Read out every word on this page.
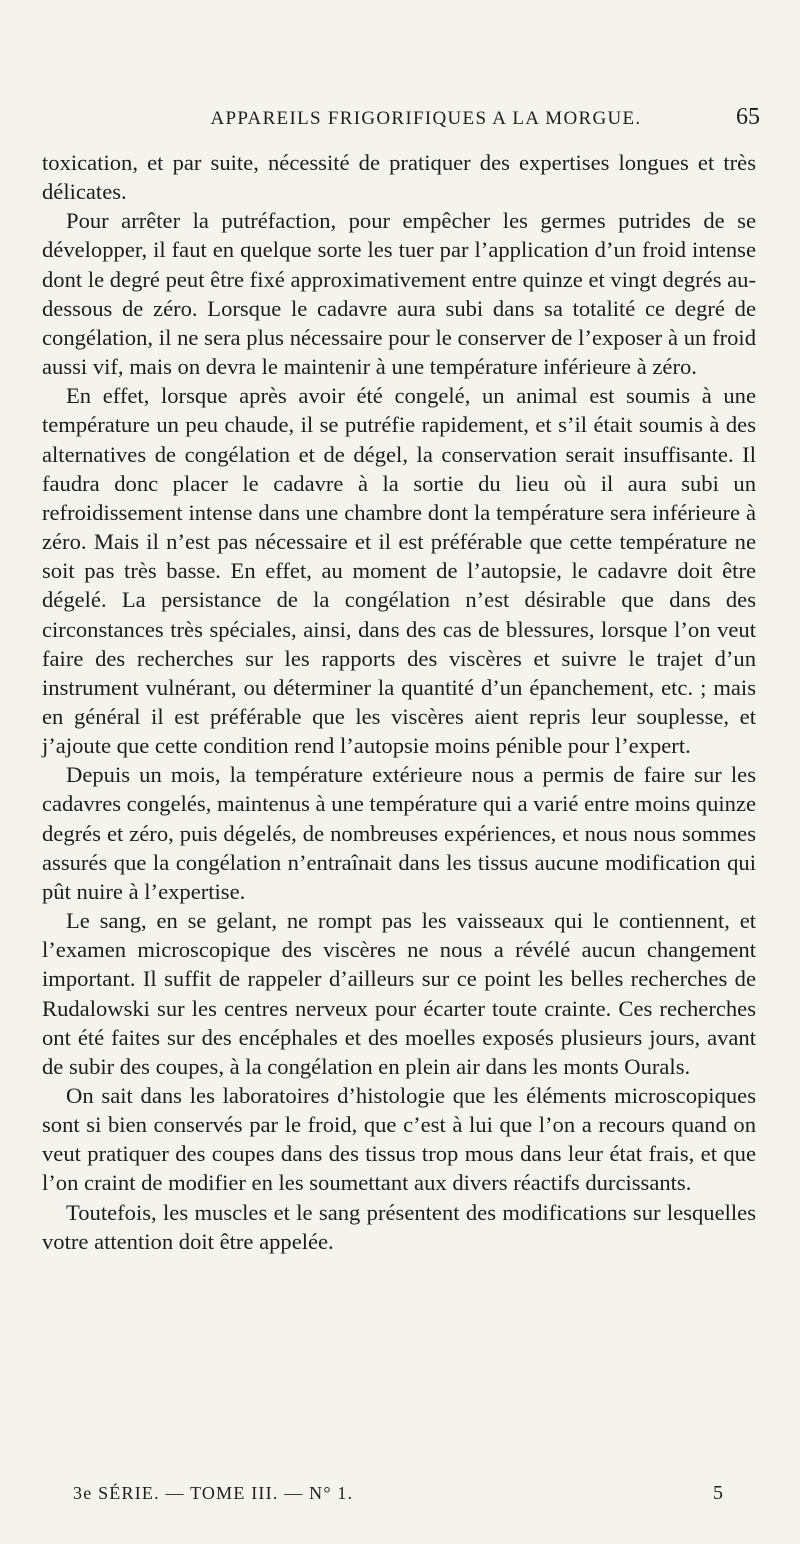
APPAREILS FRIGORIFIQUES A LA MORGUE.	65

toxication, et par suite, nécessité de pratiquer des expertises longues et très délicates.

Pour arrêter la putréfaction, pour empêcher les germes putrides de se développer, il faut en quelque sorte les tuer par l’application d’un froid intense dont le degré peut être fixé approximativement entre quinze et vingt degrés au-dessous de zéro. Lorsque le cadavre aura subi dans sa totalité ce degré de congélation, il ne sera plus nécessaire pour le conserver de l’exposer à un froid aussi vif, mais on devra le maintenir à une température inférieure à zéro.

En effet, lorsque après avoir été congelé, un animal est soumis à une température un peu chaude, il se putréfie rapidement, et s’il était soumis à des alternatives de congélation et de dégel, la conservation serait insuffisante. Il faudra donc placer le cadavre à la sortie du lieu où il aura subi un refroidissement intense dans une chambre dont la température sera inférieure à zéro. Mais il n’est pas nécessaire et il est préférable que cette température ne soit pas très basse. En effet, au moment de l’autopsie, le cadavre doit être dégelé. La persistance de la congélation n’est désirable que dans des circonstances très spéciales, ainsi, dans des cas de blessures, lorsque l’on veut faire des recherches sur les rapports des viscères et suivre le trajet d’un instrument vulnérant, ou déterminer la quantité d’un épanchement, etc. ; mais en général il est préférable que les viscères aient repris leur souplesse, et j’ajoute que cette condition rend l’autopsie moins pénible pour l’expert.

Depuis un mois, la température extérieure nous a permis de faire sur les cadavres congelés, maintenus à une température qui a varié entre moins quinze degrés et zéro, puis dégelés, de nombreuses expériences, et nous nous sommes assurés que la congélation n’entraînait dans les tissus aucune modification qui pût nuire à l’expertise.

Le sang, en se gelant, ne rompt pas les vaisseaux qui le contiennent, et l’examen microscopique des viscères ne nous a révélé aucun changement important. Il suffit de rappeler d’ailleurs sur ce point les belles recherches de Rudalowski sur les centres nerveux pour écarter toute crainte. Ces recherches ont été faites sur des encéphales et des moelles exposés plusieurs jours, avant de subir des coupes, à la congélation en plein air dans les monts Ourals.

On sait dans les laboratoires d’histologie que les éléments microscopiques sont si bien conservés par le froid, que c’est à lui que l’on a recours quand on veut pratiquer des coupes dans des tissus trop mous dans leur état frais, et que l’on craint de modifier en les soumettant aux divers réactifs durcissants.

Toutefois, les muscles et le sang présentent des modifications sur lesquelles votre attention doit être appelée.

3e SÉRIE. — TOME III. — N° 1.	5
